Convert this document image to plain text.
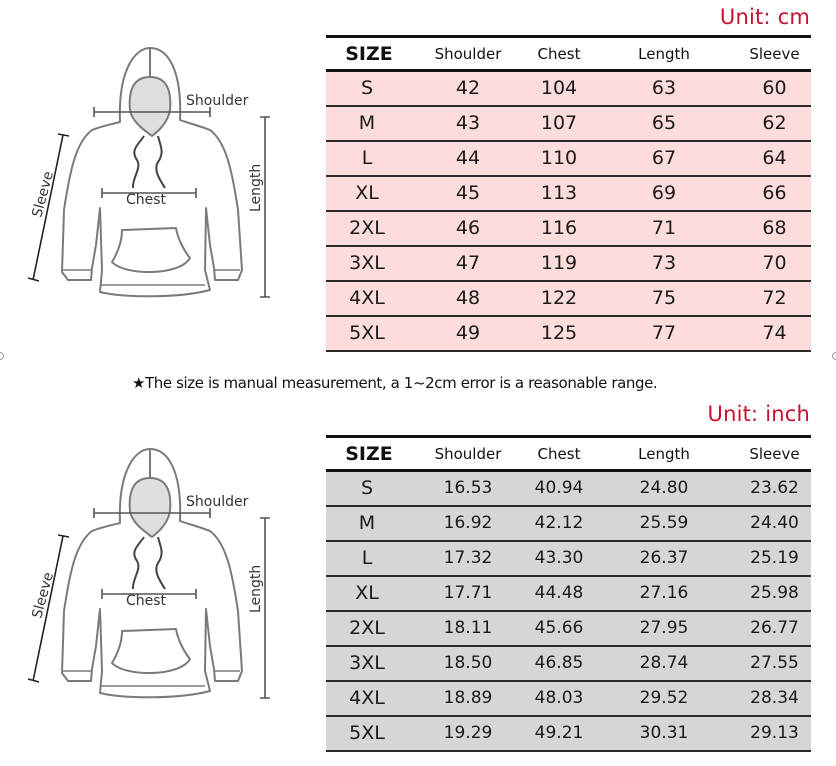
Unit: cm
Shoulder
Chest	Length
Sleeve
SIZE	Shoulder	Chest	Length	Sleeve
S	42	104	63	60
M	43	107	65	62
L	44	110	67	64
XL	45	113	69	66
2XL	46	116	71	68
3XL	47	119	73	70
4XL	48	122	75	72
5XL	49	125	77	74
★The size is manual measurement, a 1~2cm error is a reasonable range.
Unit: inch
Shoulder
Chest	Length
Sleeve
SIZE	Shoulder	Chest	Length	Sleeve
S	16.53	40.94	24.80	23.62
M	16.92	42.12	25.59	24.40
L	17.32	43.30	26.37	25.19
XL	17.71	44.48	27.16	25.98
2XL	18.11	45.66	27.95	26.77
3XL	18.50	46.85	28.74	27.55
4XL	18.89	48.03	29.52	28.34
5XL	19.29	49.21	30.31	29.13
